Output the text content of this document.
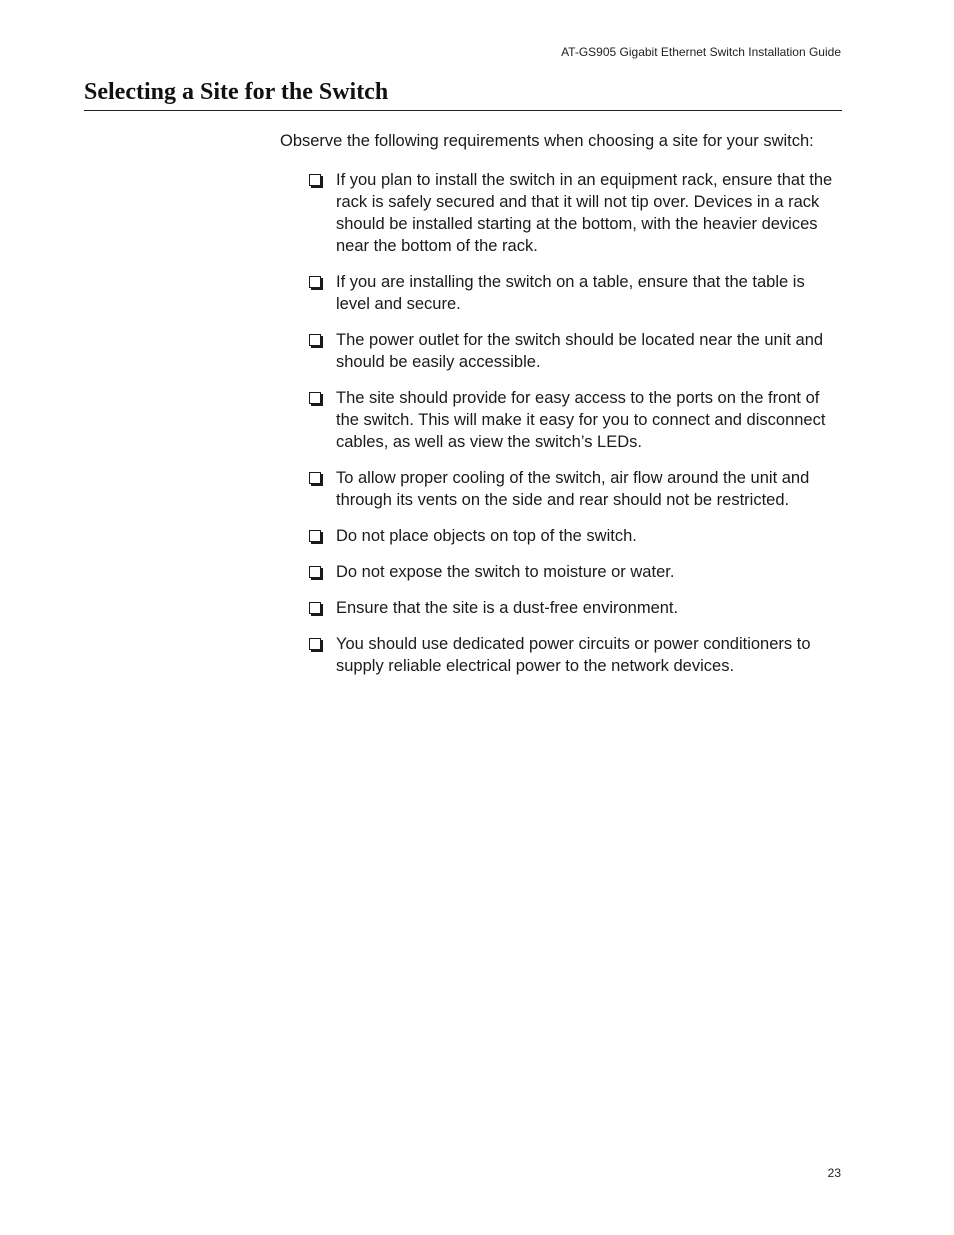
AT-GS905 Gigabit Ethernet Switch Installation Guide
Selecting a Site for the Switch

Observe the following requirements when choosing a site for your switch:

If you plan to install the switch in an equipment rack, ensure that the rack is safely secured and that it will not tip over. Devices in a rack should be installed starting at the bottom, with the heavier devices near the bottom of the rack.
If you are installing the switch on a table, ensure that the table is level and secure.
The power outlet for the switch should be located near the unit and should be easily accessible.
The site should provide for easy access to the ports on the front of the switch. This will make it easy for you to connect and disconnect cables, as well as view the switch’s LEDs.
To allow proper cooling of the switch, air flow around the unit and through its vents on the side and rear should not be restricted.
Do not place objects on top of the switch.
Do not expose the switch to moisture or water.
Ensure that the site is a dust-free environment.
You should use dedicated power circuits or power conditioners to supply reliable electrical power to the network devices.
23
